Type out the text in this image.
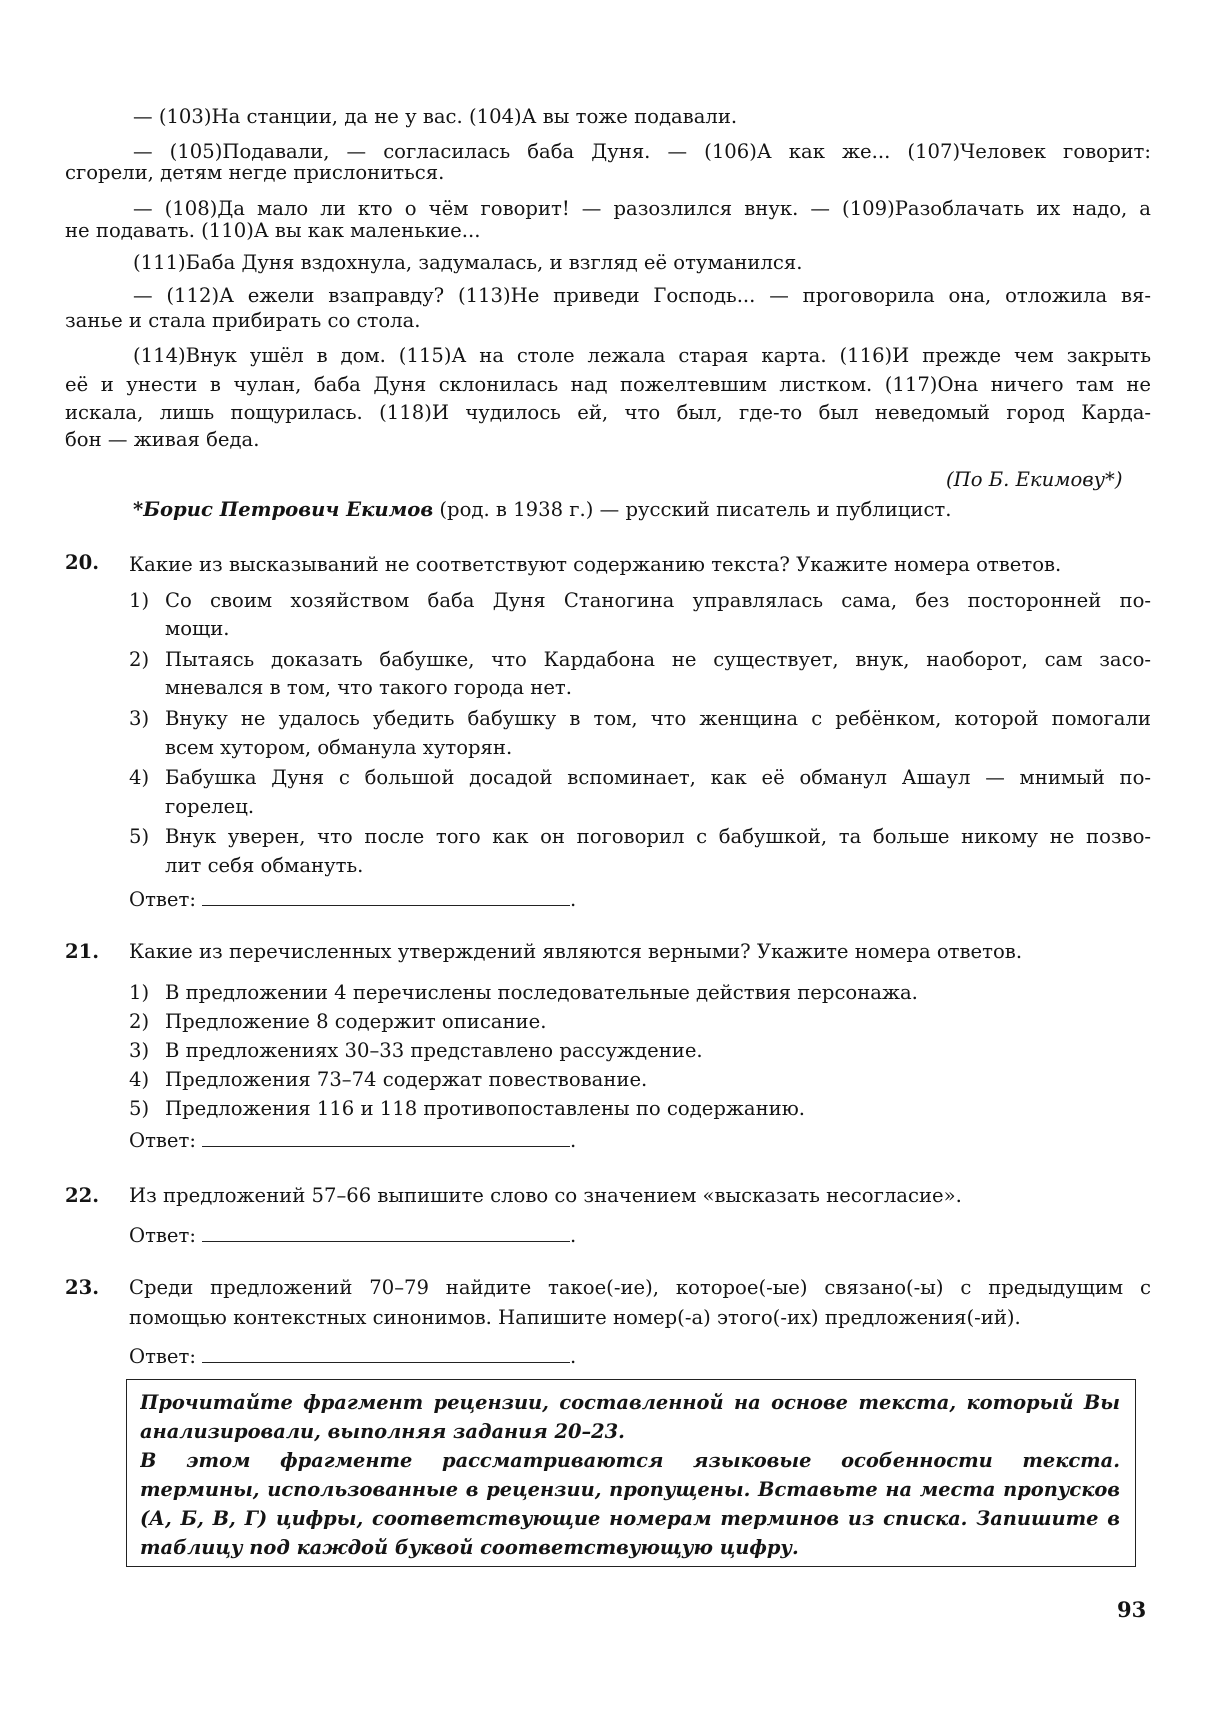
— (103)На станции, да не у вас. (104)А вы тоже подавали.
— (105)Подавали, — согласилась баба Дуня. — (106)А как же... (107)Человек говорит:
сгорели, детям негде прислониться.
— (108)Да мало ли кто о чём говорит! — разозлился внук. — (109)Разоблачать их надо, а
не подавать. (110)А вы как маленькие...
(111)Баба Дуня вздохнула, задумалась, и взгляд её отуманился.
— (112)А ежели взаправду? (113)Не приведи Господь... — проговорила она, отложила вя-
занье и стала прибирать со стола.
(114)Внук ушёл в дом. (115)А на столе лежала старая карта. (116)И прежде чем закрыть
её и унести в чулан, баба Дуня склонилась над пожелтевшим листком. (117)Она ничего там не
искала, лишь пощурилась. (118)И чудилось ей, что был, где-то был неведомый город Карда-
бон — живая беда.
(По Б. Екимову*)
*Борис Петрович Екимов (род. в 1938 г.) — русский писатель и публицист.
20. Какие из высказываний не соответствуют содержанию текста? Укажите номера ответов.
1) Со своим хозяйством баба Дуня Станогина управлялась сама, без посторонней по-
мощи.
2) Пытаясь доказать бабушке, что Кардабона не существует, внук, наоборот, сам засо-
мневался в том, что такого города нет.
3) Внуку не удалось убедить бабушку в том, что женщина с ребёнком, которой помогали
всем хутором, обманула хуторян.
4) Бабушка Дуня с большой досадой вспоминает, как её обманул Ашаул — мнимый по-
горелец.
5) Внук уверен, что после того как он поговорил с бабушкой, та больше никому не позво-
лит себя обмануть.
Ответ:	.
21. Какие из перечисленных утверждений являются верными? Укажите номера ответов.
1) В предложении 4 перечислены последовательные действия персонажа.
2) Предложение 8 содержит описание.
3) В предложениях 30–33 представлено рассуждение.
4) Предложения 73–74 содержат повествование.
5) Предложения 116 и 118 противопоставлены по содержанию.
Ответ:	.
22. Из предложений 57–66 выпишите слово со значением «высказать несогласие».
Ответ:	.
23. Среди предложений 70–79 найдите такое(-ие), которое(-ые) связано(-ы) с предыдущим с
помощью контекстных синонимов. Напишите номер(-а) этого(-их) предложения(-ий).
Ответ:	.
Прочитайте фрагмент рецензии, составленной на основе текста, который Вы
анализировали, выполняя задания 20–23.
В этом фрагменте рассматриваются языковые особенности текста.
термины, использованные в рецензии, пропущены. Вставьте на места пропусков
(А, Б, В, Г) цифры, соответствующие номерам терминов из списка. Запишите в
таблицу под каждой буквой соответствующую цифру.
93
